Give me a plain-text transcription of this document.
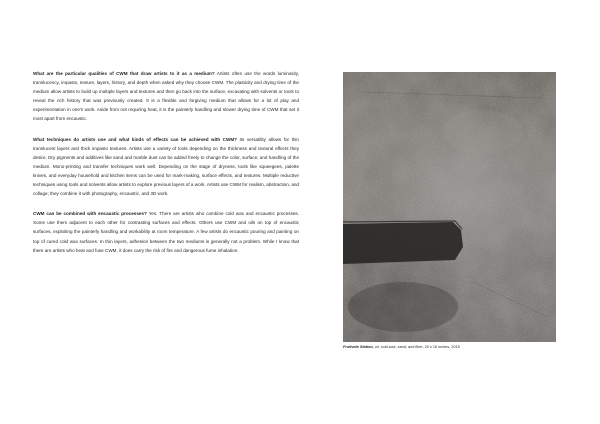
What are the particular qualities of CWM that draw artists to it as a medium? Artists often use the words luminosity, translucency, impasto, texture, layers, history, and depth when asked why they choose CWM. The plasticity and drying time of the medium allow artists to build up multiple layers and textures and then go back into the surface, excavating with solvents or tools to reveal the rich history that was previously created. It is a flexible and forgiving medium that allows for a lot of play and experimentation in one's work. Aside from not requiring heat, it is the painterly handling and slower drying time of CWM that set it most apart from encaustic.

What techniques do artists use and what kinds of effects can be achieved with CWM? Its versatility allows for thin translucent layers and thick impasto textures. Artists use a variety of tools depending on the thickness and textural effects they desire. Dry pigments and additives like sand and marble dust can be added freely to change the color, surface, and handling of the medium. Mono-printing and transfer techniques work well. Depending on the stage of dryness, tools like squeegees, palette knives, and everyday household and kitchen items can be used for mark-making, surface effects, and textures. Multiple reductive techniques using tools and solvents allow artists to explore previous layers of a work. Artists use CWM for realism, abstraction, and collage; they combine it with photography, encaustic, and 3D work.

CWM can be combined with encaustic processes? Yes. There are artists who combine cold wax and encaustic processes. Some use them adjacent to each other for contrasting surfaces and effects. Others use CWM and oils on top of encaustic surfaces, exploiting the painterly handling and workability at room temperature. A few artists do encaustic pouring and painting on top of cured cold wax surfaces. In thin layers, adhesion between the two mediums is generally not a problem. While I know that there are artists who heat and fuse CWM, it does carry the risk of fire and dangerous fume inhalation.

Fruitvale Station, oil, cold wax, sand, and fiber, 20 x 16 inches, 2015
